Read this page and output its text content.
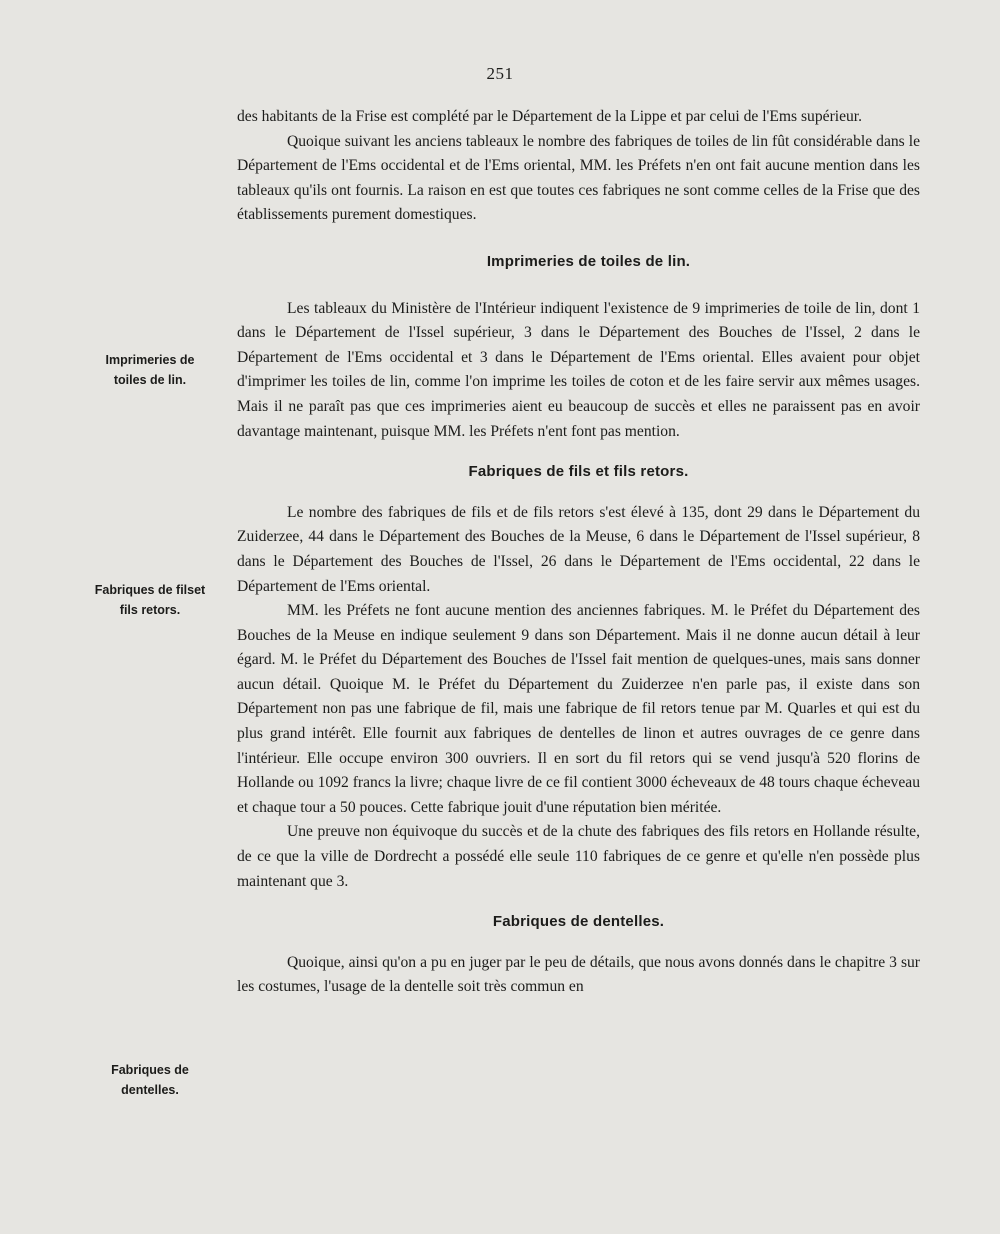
251
Imprimeries de
toiles de lin.
Fabriques de filset
fils retors.
Fabriques de
dentelles.

des habitants de la Frise est complété par le Département de la Lippe et par celui de l'Ems supérieur.

Quoique suivant les anciens tableaux le nombre des fabriques de toiles de lin fût considérable dans le Département de l'Ems occidental et de l'Ems oriental, MM. les Préfets n'en ont fait aucune mention dans les tableaux qu'ils ont fournis. La raison en est que toutes ces fabriques ne sont comme celles de la Frise que des établissements purement domestiques.

Imprimeries de toiles de lin.

Les tableaux du Ministère de l'Intérieur indiquent l'existence de 9 imprimeries de toile de lin, dont 1 dans le Département de l'Issel supérieur, 3 dans le Département des Bouches de l'Issel, 2 dans le Département de l'Ems occidental et 3 dans le Département de l'Ems oriental. Elles avaient pour objet d'imprimer les toiles de lin, comme l'on imprime les toiles de coton et de les faire servir aux mêmes usages. Mais il ne paraît pas que ces imprimeries aient eu beaucoup de succès et elles ne paraissent pas en avoir davantage maintenant, puisque MM. les Préfets n'ent font pas mention.

Fabriques de fils et fils retors.

Le nombre des fabriques de fils et de fils retors s'est élevé à 135, dont 29 dans le Département du Zuiderzee, 44 dans le Département des Bouches de la Meuse, 6 dans le Département de l'Issel supérieur, 8 dans le Département des Bouches de l'Issel, 26 dans le Département de l'Ems occidental, 22 dans le Département de l'Ems oriental.

MM. les Préfets ne font aucune mention des anciennes fabriques. M. le Préfet du Département des Bouches de la Meuse en indique seulement 9 dans son Département. Mais il ne donne aucun détail à leur égard. M. le Préfet du Département des Bouches de l'Issel fait mention de quelques-unes, mais sans donner aucun détail. Quoique M. le Préfet du Département du Zuiderzee n'en parle pas, il existe dans son Département non pas une fabrique de fil, mais une fabrique de fil retors tenue par M. Quarles et qui est du plus grand intérêt. Elle fournit aux fabriques de dentelles de linon et autres ouvrages de ce genre dans l'intérieur. Elle occupe environ 300 ouvriers. Il en sort du fil retors qui se vend jusqu'à 520 florins de Hollande ou 1092 francs la livre; chaque livre de ce fil contient 3000 écheveaux de 48 tours chaque écheveau et chaque tour a 50 pouces. Cette fabrique jouit d'une réputation bien méritée.

Une preuve non équivoque du succès et de la chute des fabriques des fils retors en Hollande résulte, de ce que la ville de Dordrecht a possédé elle seule 110 fabriques de ce genre et qu'elle n'en possède plus maintenant que 3.

Fabriques de dentelles.

Quoique, ainsi qu'on a pu en juger par le peu de détails, que nous avons donnés dans le chapitre 3 sur les costumes, l'usage de la dentelle soit très commun en
